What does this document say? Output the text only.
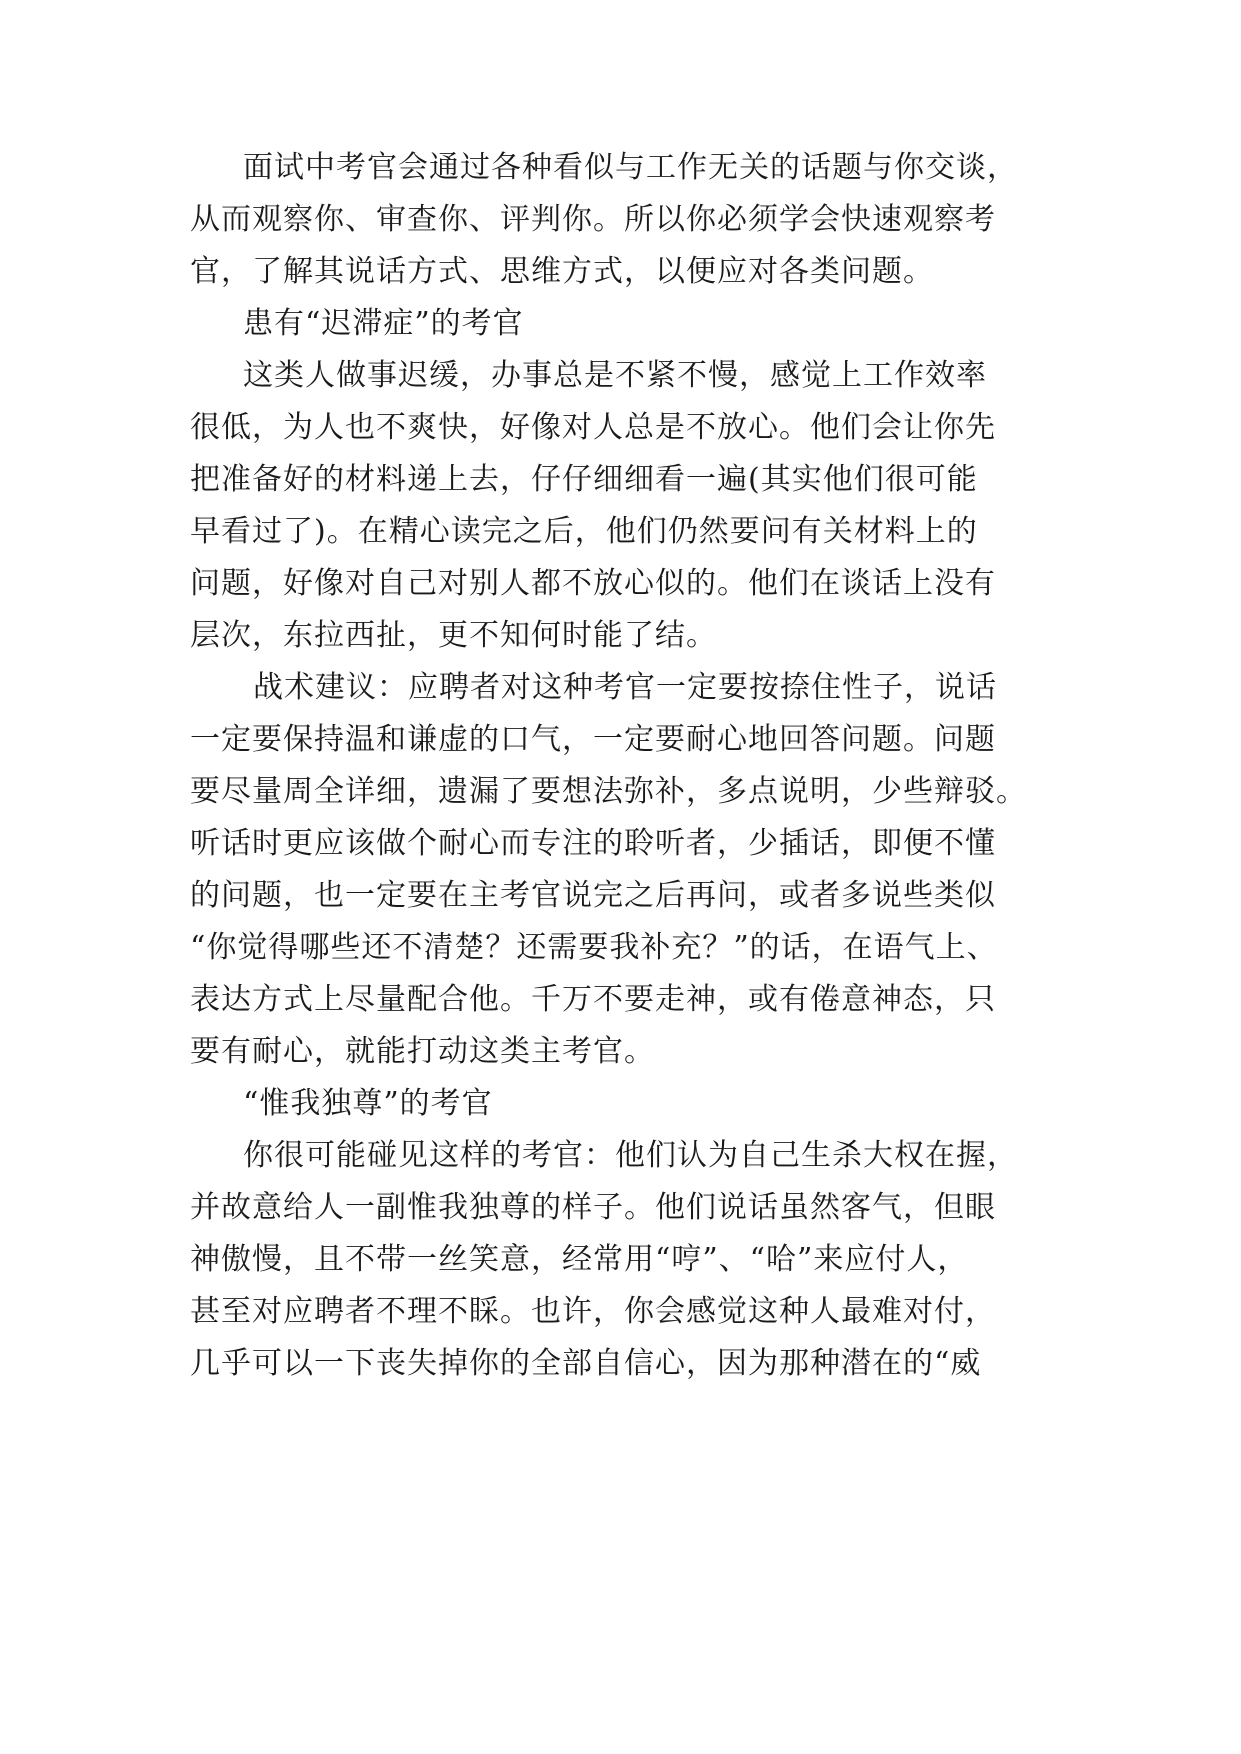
面试中考官会通过各种看似与工作无关的话题与你交谈，
从而观察你、审查你、评判你。所以你必须学会快速观察考
官，了解其说话方式、思维方式，以便应对各类问题。
患有“迟滞症”的考官
这类人做事迟缓，办事总是不紧不慢，感觉上工作效率
很低，为人也不爽快，好像对人总是不放心。他们会让你先
把准备好的材料递上去，仔仔细细看一遍(其实他们很可能
早看过了)。在精心读完之后，他们仍然要问有关材料上的
问题，好像对自己对别人都不放心似的。他们在谈话上没有
层次，东拉西扯，更不知何时能了结。
战术建议：应聘者对这种考官一定要按捺住性子，说话
一定要保持温和谦虚的口气，一定要耐心地回答问题。问题
要尽量周全详细，遗漏了要想法弥补，多点说明，少些辩驳。
听话时更应该做个耐心而专注的聆听者，少插话，即便不懂
的问题，也一定要在主考官说完之后再问，或者多说些类似
“你觉得哪些还不清楚？还需要我补充？”的话，在语气上、
表达方式上尽量配合他。千万不要走神，或有倦意神态，只
要有耐心，就能打动这类主考官。
“惟我独尊”的考官
你很可能碰见这样的考官：他们认为自己生杀大权在握，
并故意给人一副惟我独尊的样子。他们说话虽然客气，但眼
神傲慢，且不带一丝笑意，经常用“哼”、“哈”来应付人，
甚至对应聘者不理不睬。也许，你会感觉这种人最难对付，
几乎可以一下丧失掉你的全部自信心，因为那种潜在的“威
